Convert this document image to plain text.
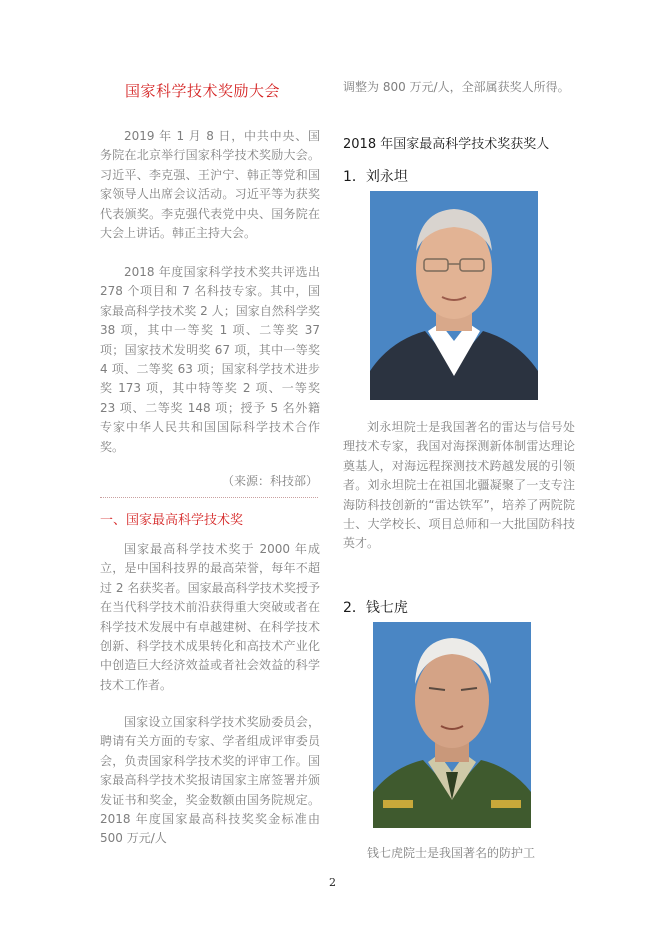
国家科学技术奖励大会

2019 年 1 月 8 日，中共中央、国务院在北京举行国家科学技术奖励大会。习近平、李克强、王沪宁、韩正等党和国家领导人出席会议活动。习近平等为获奖代表颁奖。李克强代表党中央、国务院在大会上讲话。韩正主持大会。

2018 年度国家科学技术奖共评选出 278 个项目和 7 名科技专家。其中，国家最高科学技术奖 2 人；国家自然科学奖 38 项，其中一等奖 1 项、二等奖 37 项；国家技术发明奖 67 项，其中一等奖 4 项、二等奖 63 项；国家科学技术进步奖 173 项，其中特等奖 2 项、一等奖 23 项、二等奖 148 项；授予 5 名外籍专家中华人民共和国国际科学技术合作奖。

（来源：科技部）
一、国家最高科学技术奖

国家最高科学技术奖于 2000 年成立，是中国科技界的最高荣誉，每年不超过 2 名获奖者。国家最高科学技术奖授予在当代科学技术前沿获得重大突破或者在科学技术发展中有卓越建树、在科学技术创新、科学技术成果转化和高技术产业化中创造巨大经济效益或者社会效益的科学技术工作者。

国家设立国家科学技术奖励委员会，聘请有关方面的专家、学者组成评审委员会，负责国家科学技术奖的评审工作。国家最高科学技术奖报请国家主席签署并颁发证书和奖金，奖金数额由国务院规定。2018 年度国家最高科技奖奖金标准由 500 万元/人

调整为 800 万元/人，全部属获奖人所得。

2018 年国家最高科学技术奖获奖人
1．刘永坦

刘永坦院士是我国著名的雷达与信号处理技术专家，我国对海探测新体制雷达理论奠基人，对海远程探测技术跨越发展的引领者。刘永坦院士在祖国北疆凝聚了一支专注海防科技创新的“雷达铁军”，培养了两院院士、大学校长、项目总师和一大批国防科技英才。

2．钱七虎

钱七虎院士是我国著名的防护工

2
